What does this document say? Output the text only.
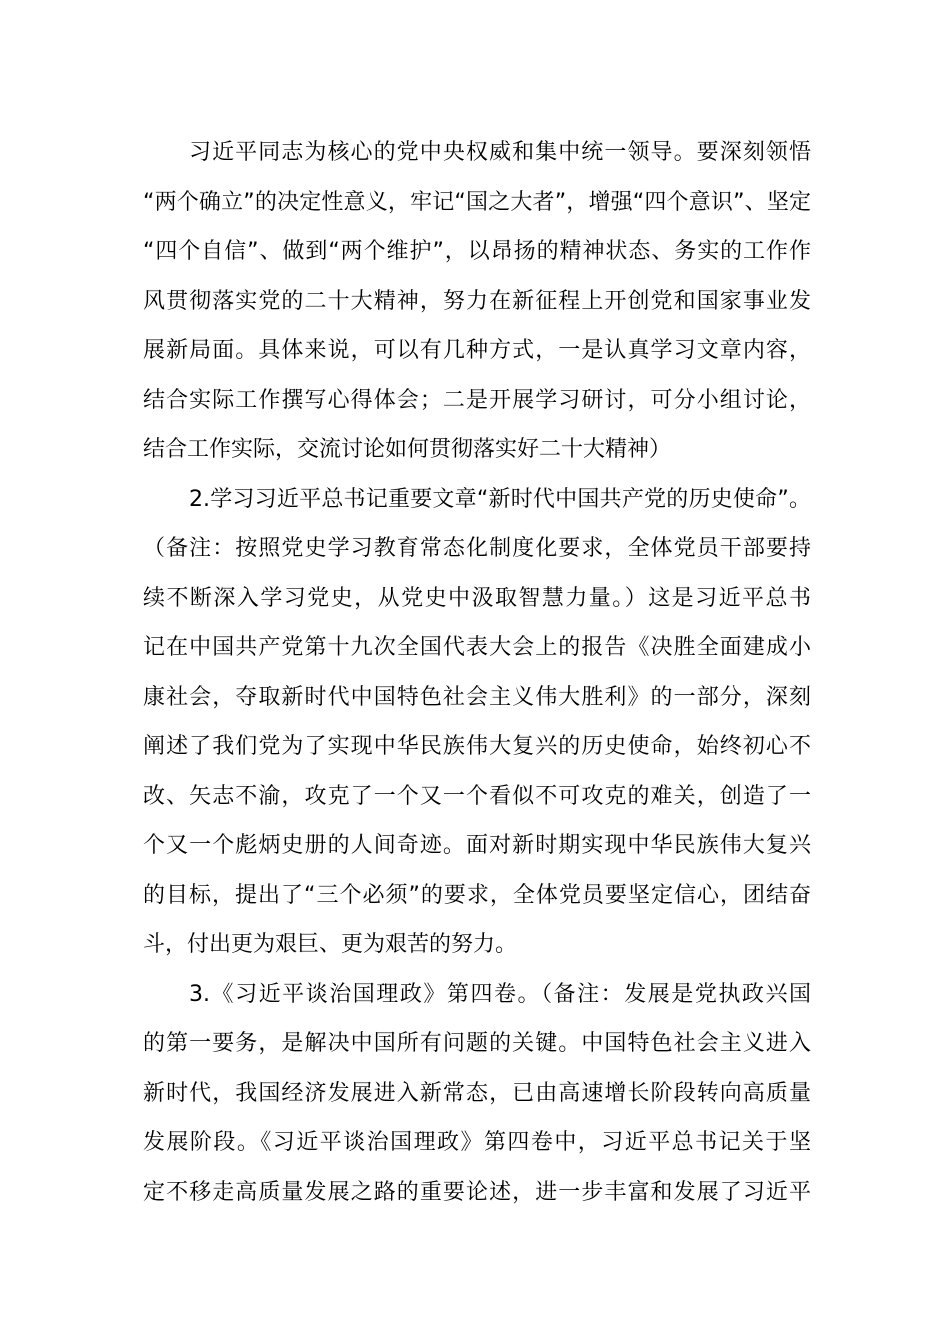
习近平同志为核心的党中央权威和集中统一领导。要深刻领悟
“两个确立”的决定性意义，牢记“国之大者”，增强“四个意识”、坚定
“四个自信”、做到“两个维护”，以昂扬的精神状态、务实的工作作
风贯彻落实党的二十大精神，努力在新征程上开创党和国家事业发
展新局面。具体来说，可以有几种方式，一是认真学习文章内容，
结合实际工作撰写心得体会；二是开展学习研讨，可分小组讨论，
结合工作实际，交流讨论如何贯彻落实好二十大精神）
2.学习习近平总书记重要文章“新时代中国共产党的历史使命”。
（备注：按照党史学习教育常态化制度化要求，全体党员干部要持
续不断深入学习党史，从党史中汲取智慧力量。）这是习近平总书
记在中国共产党第十九次全国代表大会上的报告《决胜全面建成小
康社会，夺取新时代中国特色社会主义伟大胜利》的一部分，深刻
阐述了我们党为了实现中华民族伟大复兴的历史使命，始终初心不
改、矢志不渝，攻克了一个又一个看似不可攻克的难关，创造了一
个又一个彪炳史册的人间奇迹。面对新时期实现中华民族伟大复兴
的目标，提出了“三个必须”的要求，全体党员要坚定信心，团结奋
斗，付出更为艰巨、更为艰苦的努力。
3.《习近平谈治国理政》第四卷。（备注：发展是党执政兴国
的第一要务，是解决中国所有问题的关键。中国特色社会主义进入
新时代，我国经济发展进入新常态，已由高速增长阶段转向高质量
发展阶段。《习近平谈治国理政》第四卷中，习近平总书记关于坚
定不移走高质量发展之路的重要论述，进一步丰富和发展了习近平
